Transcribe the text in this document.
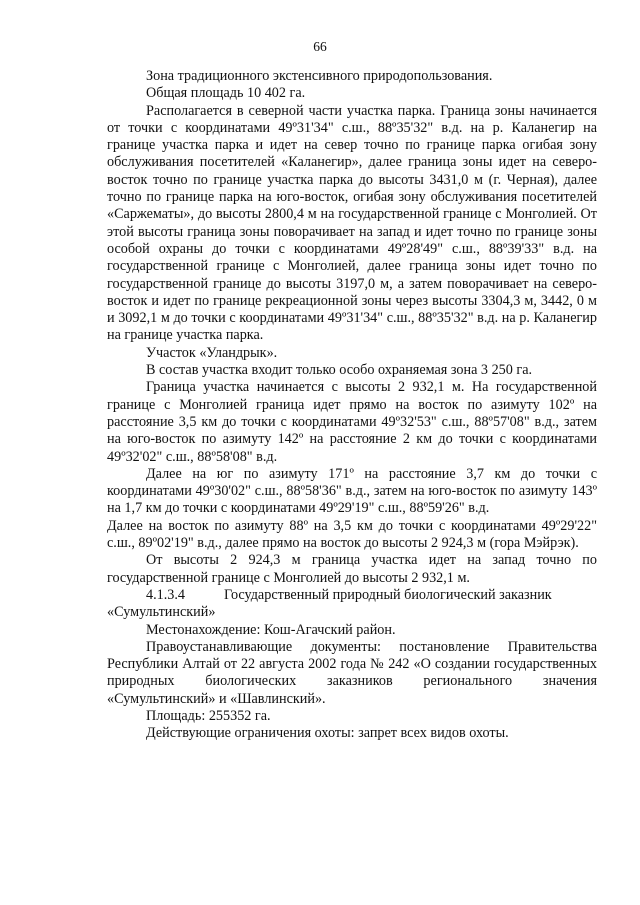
66

Зона традиционного экстенсивного природопользования.

Общая площадь 10 402 га.

Располагается в северной части участка парка. Граница зоны начинается от точки с координатами 49º31'34" с.ш., 88º35'32" в.д. на р. Каланегир на границе участка парка и идет на север точно по границе парка огибая зону обслуживания посетителей «Каланегир», далее граница зоны идет на северо-восток точно по границе участка парка до высоты 3431,0 м (г. Черная), далее точно по границе парка на юго-восток, огибая зону обслуживания посетителей «Саржематы», до высоты 2800,4 м на государственной границе с Монголией. От этой высоты граница зоны поворачивает на запад и идет точно по границе зоны особой охраны до точки с координатами 49º28'49" с.ш., 88º39'33" в.д. на государственной границе с Монголией, далее граница зоны идет точно по государственной границе до высоты 3197,0 м, а затем поворачивает на северо-восток и идет по границе рекреационной зоны через высоты 3304,3 м, 3442, 0 м и 3092,1 м до точки с координатами 49º31'34" с.ш., 88º35'32" в.д. на р. Каланегир на границе участка парка.

Участок «Уландрык».

В состав участка входит только особо охраняемая зона 3 250 га.

Граница участка начинается с высоты 2 932,1 м. На государственной границе с Монголией граница идет прямо на восток по азимуту 102º на расстояние 3,5 км до точки с координатами 49º32'53" с.ш., 88º57'08" в.д., затем на юго-восток по азимуту 142º на расстояние 2 км до точки с координатами 49º32'02" с.ш., 88º58'08" в.д.

Далее на юг по азимуту 171º на расстояние 3,7 км до точки с координатами 49º30'02" с.ш., 88º58'36" в.д., затем на юго-восток по азимуту 143º на 1,7 км до точки с координатами 49º29'19" с.ш., 88º59'26" в.д.

Далее на восток по азимуту 88º на 3,5 км до точки с координатами 49º29'22" с.ш., 89º02'19" в.д., далее прямо на восток до высоты 2 924,3 м (гора Мэйрэк).

От высоты 2 924,3 м граница участка идет на запад точно по государственной границе с Монголией до высоты 2 932,1 м.

4.1.3.4	Государственный природный биологический заказник

«Сумультинский»

Местонахождение: Кош-Агачский район.

Правоустанавливающие документы: постановление Правительства Республики Алтай от 22 августа 2002 года № 242 «О создании государственных природных биологических заказников регионального значения «Сумультинский» и «Шавлинский».

Площадь: 255352 га.

Действующие ограничения охоты: запрет всех видов охоты.
